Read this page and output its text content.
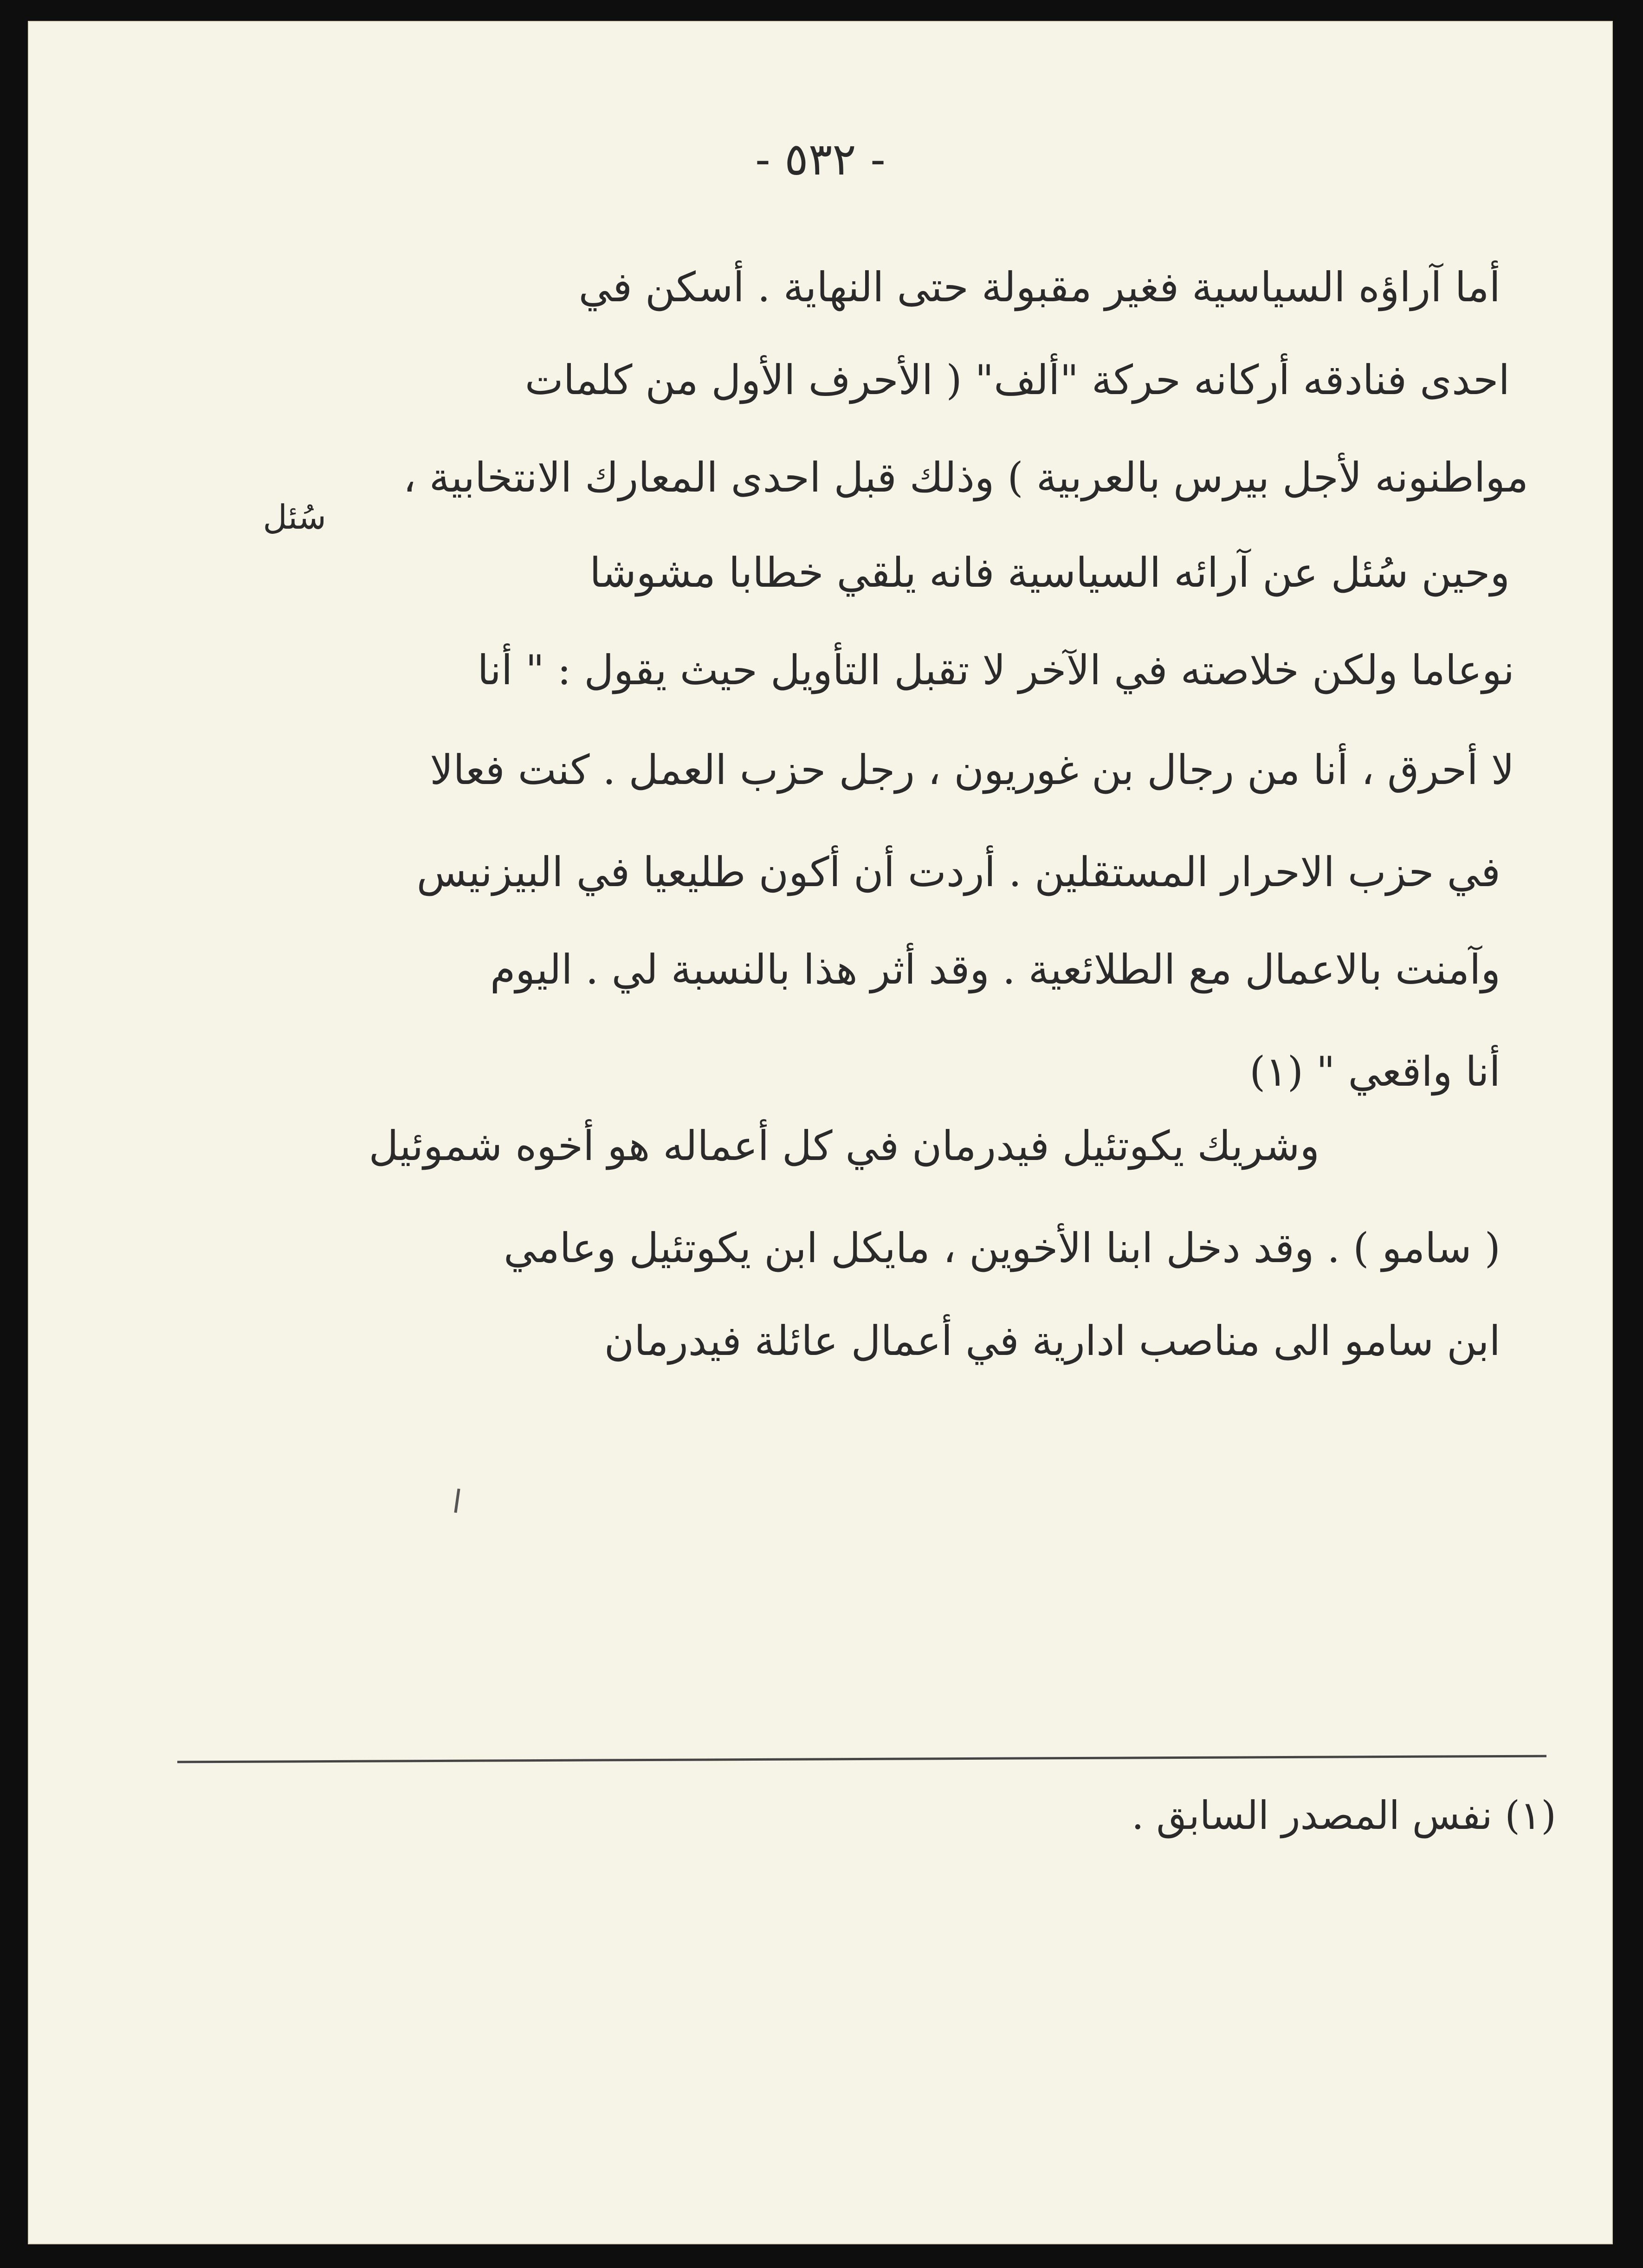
- ٥٣٢ -
أما آراؤه السياسية فغير مقبولة حتى النهاية . أسكن في
احدى فنادقه أركانه حركة "ألف" ( الأحرف الأول من كلمات
مواطنونه لأجل بيرس بالعربية ) وذلك قبل احدى المعارك الانتخابية ،
سُئل
وحين سُئل عن آرائه السياسية فانه يلقي خطابا مشوشا
نوعاما ولكن خلاصته في الآخر لا تقبل التأويل حيث يقول : " أنا
لا أحرق ، أنا من رجال بن غوريون ، رجل حزب العمل . كنت فعالا
في حزب الاحرار المستقلين . أردت أن أكون طليعيا في البيزنيس
وآمنت بالاعمال مع الطلائعية . وقد أثر هذا بالنسبة لي . اليوم
أنا واقعي " (١)
وشريك يكوتئيل فيدرمان في كل أعماله هو أخوه شموئيل
( سامو ) . وقد دخل ابنا الأخوين ، مايكل ابن يكوتئيل وعامي
ابن سامو الى مناصب ادارية في أعمال عائلة فيدرمان
(١) نفس المصدر السابق .
